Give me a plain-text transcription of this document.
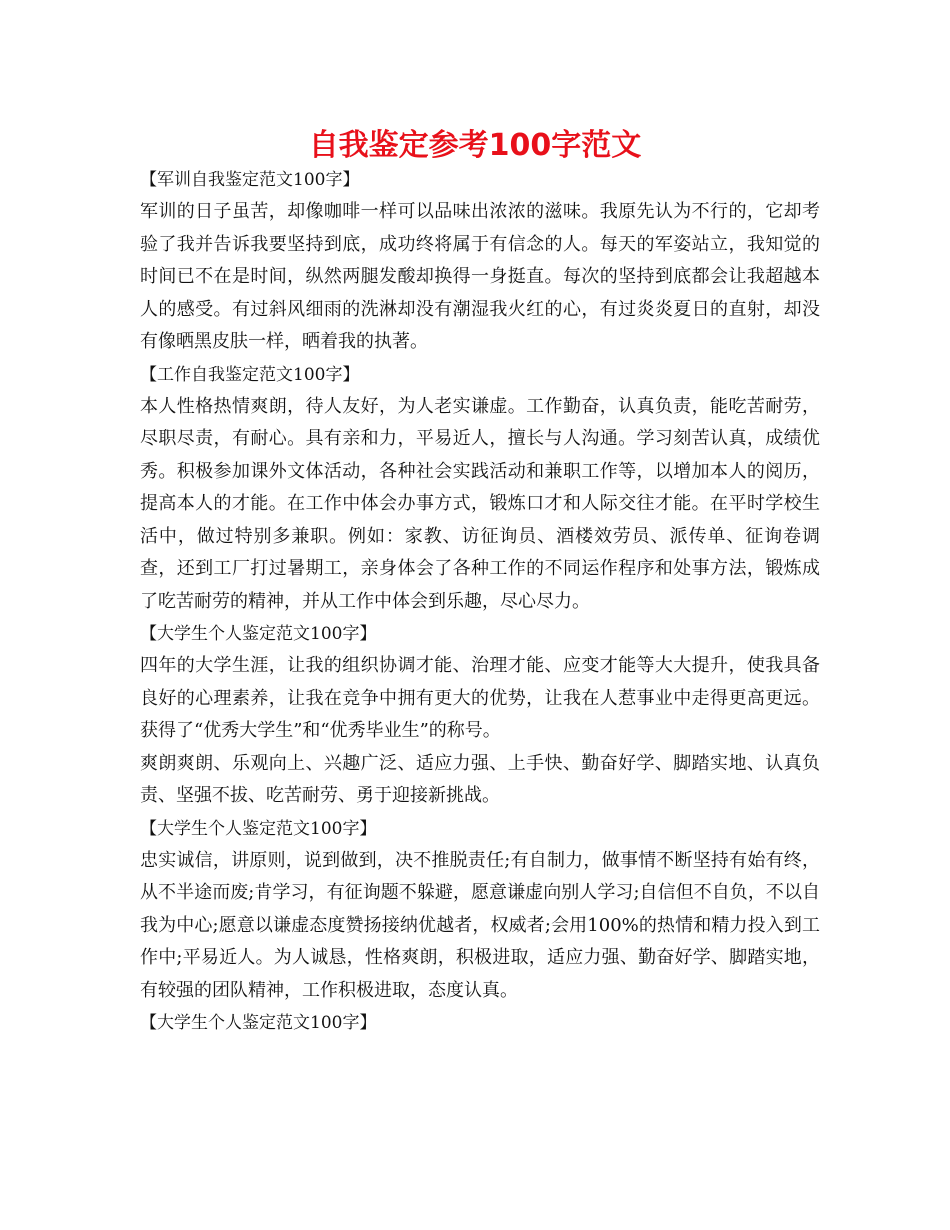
自我鉴定参考100字范文

【军训自我鉴定范文100字】

军训的日子虽苦，却像咖啡一样可以品味出浓浓的滋味。我原先认为不行的，它却考验了我并告诉我要坚持到底，成功终将属于有信念的人。每天的军姿站立，我知觉的时间已不在是时间，纵然两腿发酸却换得一身挺直。每次的坚持到底都会让我超越本人的感受。有过斜风细雨的洗淋却没有潮湿我火红的心，有过炎炎夏日的直射，却没有像晒黑皮肤一样，晒着我的执著。

【工作自我鉴定范文100字】

本人性格热情爽朗，待人友好，为人老实谦虚。工作勤奋，认真负责，能吃苦耐劳，尽职尽责，有耐心。具有亲和力，平易近人，擅长与人沟通。学习刻苦认真，成绩优秀。积极参加课外文体活动，各种社会实践活动和兼职工作等，以增加本人的阅历，提高本人的才能。在工作中体会办事方式，锻炼口才和人际交往才能。在平时学校生活中，做过特别多兼职。例如：家教、访征询员、酒楼效劳员、派传单、征询卷调查，还到工厂打过暑期工，亲身体会了各种工作的不同运作程序和处事方法，锻炼成了吃苦耐劳的精神，并从工作中体会到乐趣，尽心尽力。

【大学生个人鉴定范文100字】

四年的大学生涯，让我的组织协调才能、治理才能、应变才能等大大提升，使我具备良好的心理素养，让我在竞争中拥有更大的优势，让我在人惹事业中走得更高更远。获得了“优秀大学生”和“优秀毕业生”的称号。

爽朗爽朗、乐观向上、兴趣广泛、适应力强、上手快、勤奋好学、脚踏实地、认真负责、坚强不拔、吃苦耐劳、勇于迎接新挑战。

【大学生个人鉴定范文100字】

忠实诚信，讲原则，说到做到，决不推脱责任;有自制力，做事情不断坚持有始有终，从不半途而废;肯学习，有征询题不躲避，愿意谦虚向别人学习;自信但不自负，不以自我为中心;愿意以谦虚态度赞扬接纳优越者，权威者;会用100%的热情和精力投入到工作中;平易近人。为人诚恳，性格爽朗，积极进取，适应力强、勤奋好学、脚踏实地，有较强的团队精神，工作积极进取，态度认真。

【大学生个人鉴定范文100字】
